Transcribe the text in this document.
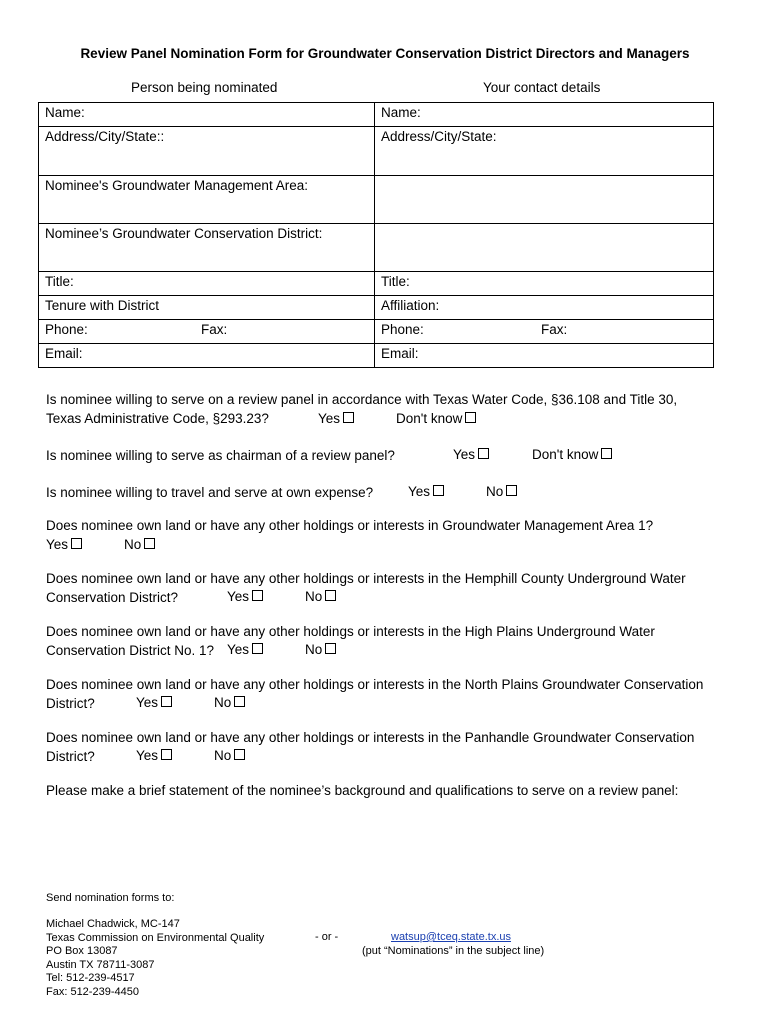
Review Panel Nomination Form for Groundwater Conservation District Directors and Managers
Person being nominated	Your contact details
Name:	Name:
Address/City/State::	Address/City/State:
Nominee's Groundwater Management Area:	
Nominee’s Groundwater Conservation District:	
Title:	Title:
Tenure with District	Affiliation:
Phone: Fax:	Phone: Fax:

Email:	Email:
Is nominee willing to serve on a review panel in accordance with Texas Water Code, §36.108 and Title 30,
Texas Administrative Code, §293.23?	Yes	Don't know
Is nominee willing to serve as chairman of a review panel?	Yes	Don't know
Is nominee willing to travel and serve at own expense?	Yes	No
Does nominee own land or have any other holdings or interests in Groundwater Management Area 1?
Yes	No
Does nominee own land or have any other holdings or interests in the Hemphill County Underground Water
Conservation District?	Yes	No
Does nominee own land or have any other holdings or interests in the High Plains Underground Water
Conservation District No. 1? Yes	No
Does nominee own land or have any other holdings or interests in the North Plains Groundwater Conservation
District?	Yes	No
Does nominee own land or have any other holdings or interests in the Panhandle Groundwater Conservation
District?	Yes	No
Please make a brief statement of the nominee’s background and qualifications to serve on a review panel:
Send nomination forms to:
Michael Chadwick, MC-147
Texas Commission on Environmental Quality
PO Box 13087
Austin TX 78711-3087
Tel: 512-239-4517
Fax: 512-239-4450
- or -	watsup@tceq.state.tx.us
(put “Nominations” in the subject line)
